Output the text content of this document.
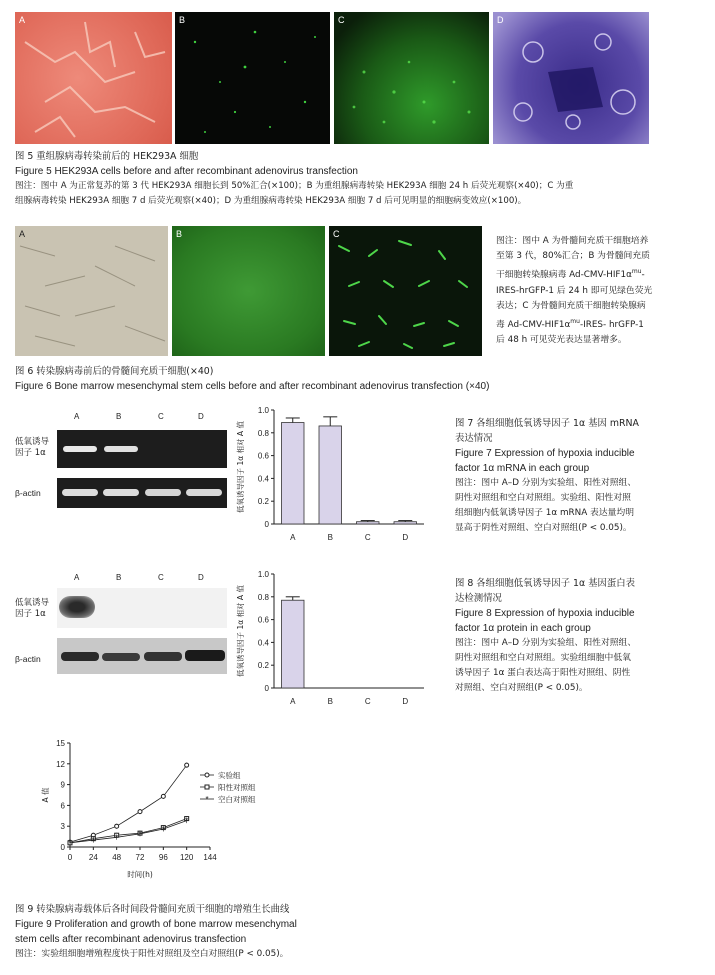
A	B	C	D
图 5 重组腺病毒转染前后的 HEK293A 细胞
Figure 5 HEK293A cells before and after recombinant adenovirus transfection
图注：图中 A 为正常复苏的第 3 代 HEK293A 细胞长到 50%汇合(×100)；B 为重组腺病毒转染 HEK293A 细胞 24 h 后荧光观察(×40)；C 为重
组腺病毒转染 HEK293A 细胞 7 d 后荧光观察(×40)；D 为重组腺病毒转染 HEK293A 细胞 7 d 后可见明显的细胞病变效应(×100)。
A	B	C
图注：图中 A 为骨髓间充质干细胞培养
至第 3 代，80%汇合；B 为骨髓间充质
干细胞转染腺病毒 $Ad-CMV-HIF1\alpha^{mu}-$
IRES-hrGFP-1 后 24 h 即可见绿色荧光
表达；C 为骨髓间充质干细胞转染腺病
毒 $Ad-CMV-HIF1\alpha^{mu}-IRES-$ hrGFP-1
后 48 h 可见荧光表达显著增多。
图 6 转染腺病毒前后的骨髓间充质干细胞(×40)
Figure 6 Bone marrow mesenchymal stem cells before and after recombinant adenovirus transfection (×40)
A	B	C	D
低氧诱导
因子 1α
β-actin
0
0.2
0.4
0.6
0.8
1.0
低氧诱导因子 1α 相对 A 值
A	B	C	D
图 7 各组细胞低氧诱导因子 1α 基因 mRNA
表达情况
Figure 7 Expression of hypoxia inducible
factor 1α mRNA in each group
图注：图中 A–D 分别为实验组、阳性对照组、
阴性对照组和空白对照组。实验组、阳性对照
组细胞内低氧诱导因子 1α mRNA 表达量均明
显高于阴性对照组、空白对照组(P < 0.05)。
A	B	C	D
低氧诱导
因子 1α
β-actin
0
0.2
0.4
0.6
0.8
1.0
低氧诱导因子 1α 相对 A 值
A	B	C	D
图 8 各组细胞低氧诱导因子 1α 基因蛋白表
达检测情况
Figure 8 Expression of hypoxia inducible
factor 1α protein in each group
图注：图中 A–D 分别为实验组、阳性对照组、
阴性对照组和空白对照组。实验组细胞中低氧
诱导因子 1α 蛋白表达高于阳性对照组、阴性
对照组、空白对照组(P < 0.05)。
0
3
6
9
12
15
0 24 48 72 96 120 144
时间(h)
A 值
实验组
阳性对照组
*	*	*	*
*
*
* 空白对照组
图 9 转染腺病毒载体后各时间段骨髓间充质干细胞的增殖生长曲线
Figure 9 Proliferation and growth of bone marrow mesenchymal
stem cells after recombinant adenovirus transfection
图注：实验组细胞增殖程度快于阳性对照组及空白对照组(P < 0.05)。
